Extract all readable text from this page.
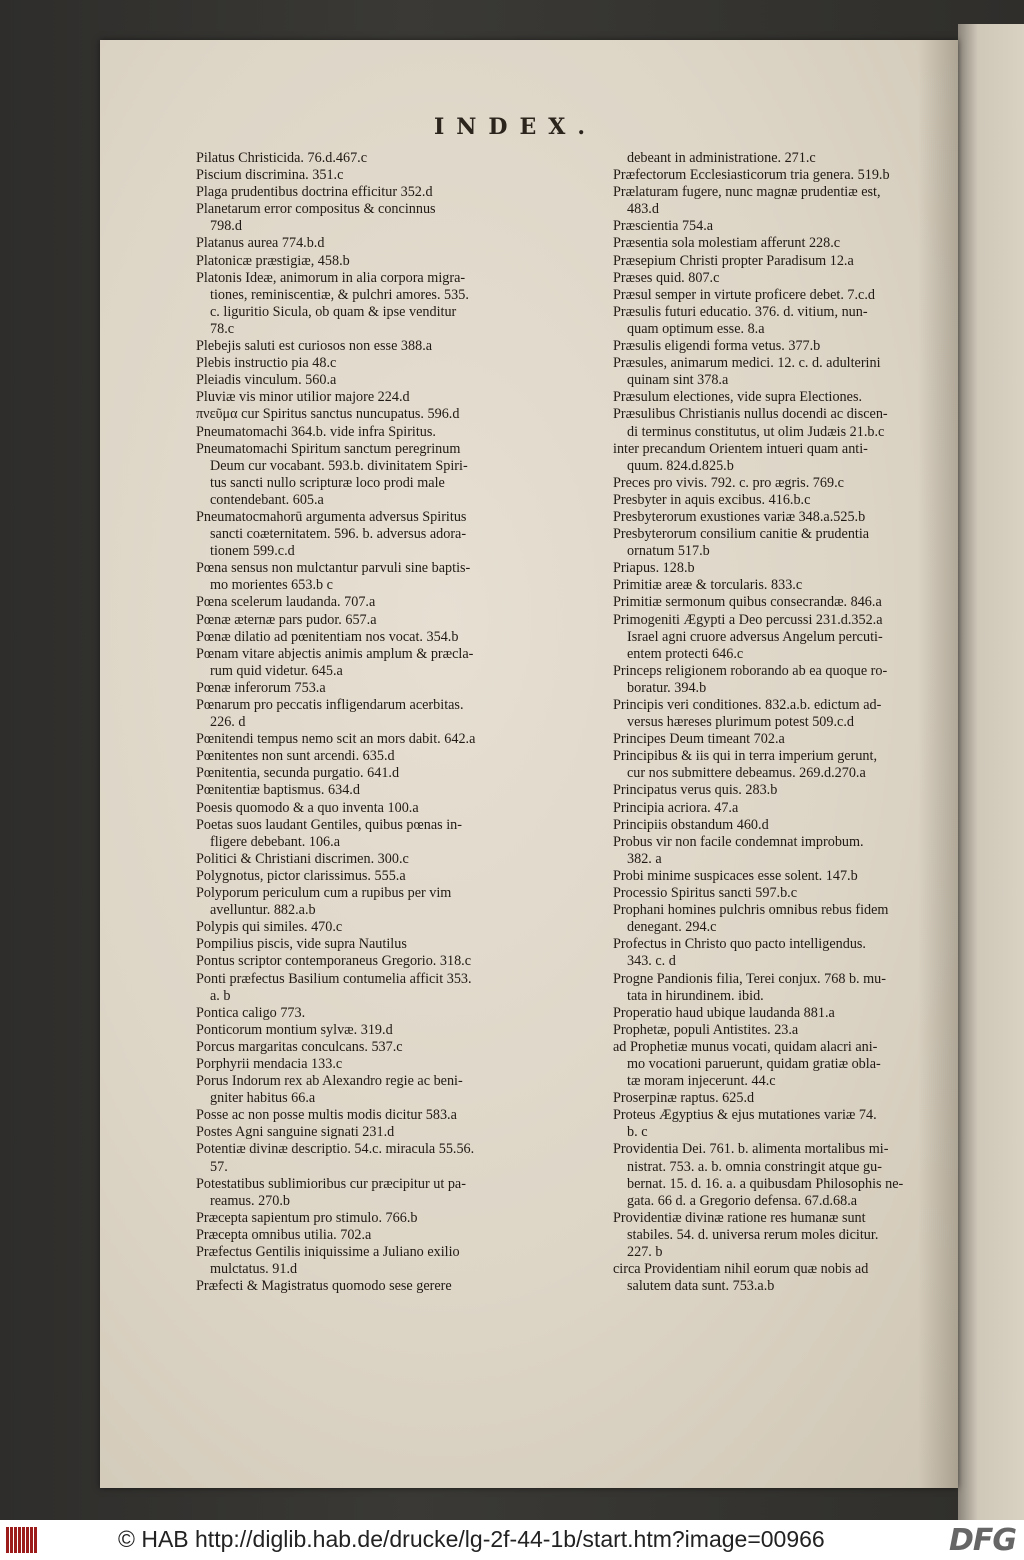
INDEX.
Pilatus Christicida. 76.d.467.c
Piscium discrimina. 351.c
Plaga prudentibus doctrina efficitur 352.d
Planetarum error compositus & concinnus
798.d
Platanus aurea 774.b.d
Platonicæ præstigiæ, 458.b
Platonis Ideæ, animorum in alia corpora migra-
tiones, reminiscentiæ, & pulchri amores. 535.
c. liguritio Sicula, ob quam & ipse venditur
78.c
Plebejis saluti est curiosos non esse 388.a
Plebis instructio pia 48.c
Pleiadis vinculum. 560.a
Pluviæ vis minor utilior majore 224.d
πνεῦμα cur Spiritus sanctus nuncupatus. 596.d
Pneumatomachi 364.b. vide infra Spiritus.
Pneumatomachi Spiritum sanctum peregrinum
Deum cur vocabant. 593.b. divinitatem Spiri-
tus sancti nullo scripturæ loco prodi male
contendebant. 605.a
Pneumatocmahorū argumenta adversus Spiritus
sancti coæternitatem. 596. b. adversus adora-
tionem 599.c.d
Pœna sensus non mulctantur parvuli sine baptis-
mo morientes 653.b c
Pœna scelerum laudanda. 707.a
Pœnæ æternæ pars pudor. 657.a
Pœnæ dilatio ad pœnitentiam nos vocat. 354.b
Pœnam vitare abjectis animis amplum & præcla-
rum quid videtur. 645.a
Pœnæ inferorum 753.a
Pœnarum pro peccatis infligendarum acerbitas.
226. d
Pœnitendi tempus nemo scit an mors dabit. 642.a
Pœnitentes non sunt arcendi. 635.d
Pœnitentia, secunda purgatio. 641.d
Pœnitentiæ baptismus. 634.d
Poesis quomodo & a quo inventa 100.a
Poetas suos laudant Gentiles, quibus pœnas in-
fligere debebant. 106.a
Politici & Christiani discrimen. 300.c
Polygnotus, pictor clarissimus. 555.a
Polyporum periculum cum a rupibus per vim
avelluntur. 882.a.b
Polypis qui similes. 470.c
Pompilius piscis, vide supra Nautilus
Pontus scriptor contemporaneus Gregorio. 318.c
Ponti præfectus Basilium contumelia afficit 353.
a. b
Pontica caligo 773.
Ponticorum montium sylvæ. 319.d
Porcus margaritas conculcans. 537.c
Porphyrii mendacia 133.c
Porus Indorum rex ab Alexandro regie ac beni-
gniter habitus 66.a
Posse ac non posse multis modis dicitur 583.a
Postes Agni sanguine signati 231.d
Potentiæ divinæ descriptio. 54.c. miracula 55.56.
57.
Potestatibus sublimioribus cur præcipitur ut pa-
reamus. 270.b
Præcepta sapientum pro stimulo. 766.b
Præcepta omnibus utilia. 702.a
Præfectus Gentilis iniquissime a Juliano exilio
mulctatus. 91.d
Præfecti & Magistratus quomodo sese gerere
debeant in administratione. 271.c
Præfectorum Ecclesiasticorum tria genera. 519.b
Prælaturam fugere, nunc magnæ prudentiæ est,
483.d
Præscientia 754.a
Præsentia sola molestiam afferunt 228.c
Præsepium Christi propter Paradisum 12.a
Præses quid. 807.c
Præsul semper in virtute proficere debet. 7.c.d
Præsulis futuri educatio. 376. d. vitium, nun-
quam optimum esse. 8.a
Præsulis eligendi forma vetus. 377.b
Præsules, animarum medici. 12. c. d. adulterini
quinam sint 378.a
Præsulum electiones, vide supra Electiones.
Præsulibus Christianis nullus docendi ac discen-
di terminus constitutus, ut olim Judæis 21.b.c
inter precandum Orientem intueri quam anti-
quum. 824.d.825.b
Preces pro vivis. 792. c. pro ægris. 769.c
Presbyter in aquis excibus. 416.b.c
Presbyterorum exustiones variæ 348.a.525.b
Presbyterorum consilium canitie & prudentia
ornatum 517.b
Priapus. 128.b
Primitiæ areæ & torcularis. 833.c
Primitiæ sermonum quibus consecrandæ. 846.a
Primogeniti Ægypti a Deo percussi 231.d.352.a
Israel agni cruore adversus Angelum percuti-
entem protecti 646.c
Princeps religionem roborando ab ea quoque ro-
boratur. 394.b
Principis veri conditiones. 832.a.b. edictum ad-
versus hæreses plurimum potest 509.c.d
Principes Deum timeant 702.a
Principibus & iis qui in terra imperium gerunt,
cur nos submittere debeamus. 269.d.270.a
Principatus verus quis. 283.b
Principia acriora. 47.a
Principiis obstandum 460.d
Probus vir non facile condemnat improbum.
382. a
Probi minime suspicaces esse solent. 147.b
Processio Spiritus sancti 597.b.c
Prophani homines pulchris omnibus rebus fidem
denegant. 294.c
Profectus in Christo quo pacto intelligendus.
343. c. d
Progne Pandionis filia, Terei conjux. 768 b. mu-
tata in hirundinem. ibid.
Properatio haud ubique laudanda 881.a
Prophetæ, populi Antistites. 23.a
ad Prophetiæ munus vocati, quidam alacri ani-
mo vocationi paruerunt, quidam gratiæ obla-
tæ moram injecerunt. 44.c
Proserpinæ raptus. 625.d
Proteus Ægyptius & ejus mutationes variæ 74.
b. c
Providentia Dei. 761. b. alimenta mortalibus mi-
nistrat. 753. a. b. omnia constringit atque gu-
bernat. 15. d. 16. a. a quibusdam Philosophis ne-
gata. 66 d. a Gregorio defensa. 67.d.68.a
Providentiæ divinæ ratione res humanæ sunt
stabiles. 54. d. universa rerum moles dicitur.
227. b
circa Providentiam nihil eorum quæ nobis ad
salutem data sunt. 753.a.b
© HAB http://diglib.hab.de/drucke/lg-2f-44-1b/start.htm?image=00966	DFG
